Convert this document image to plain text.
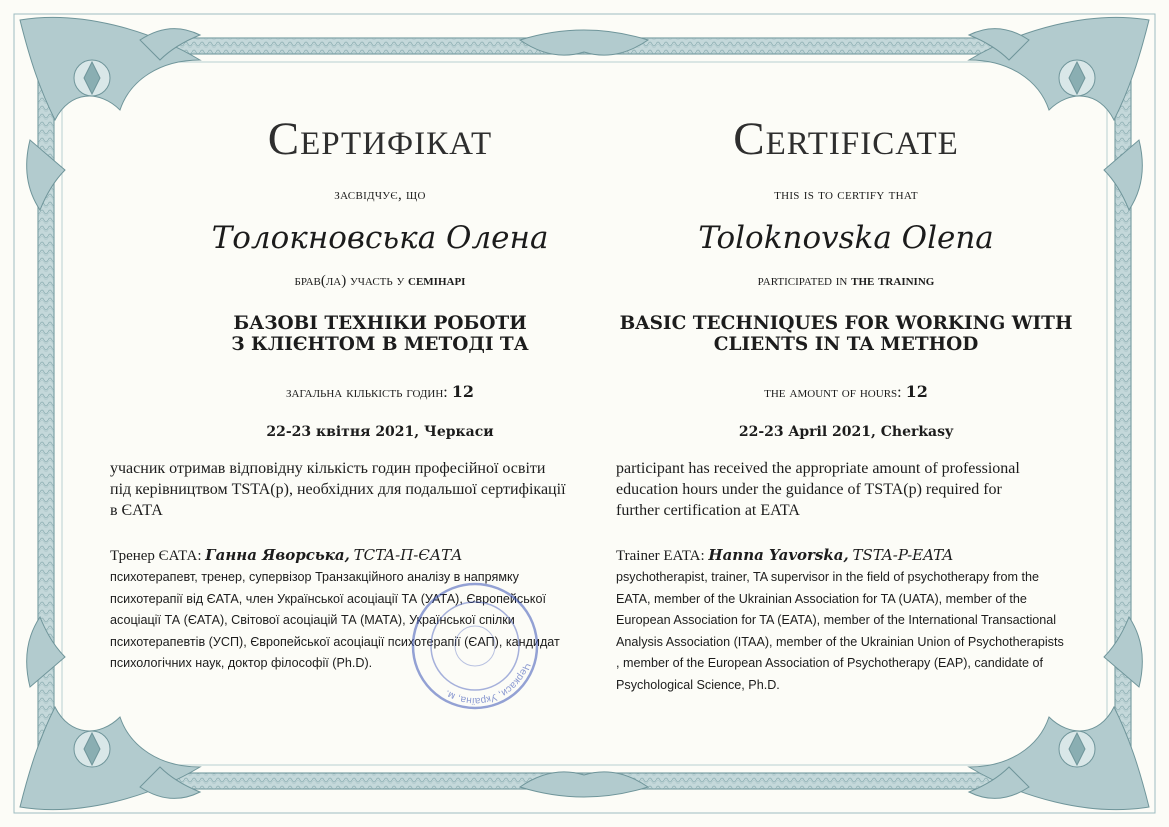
Сертифікат
засвідчує, що
Толокновська Олена
брав(ла) участь у семінарі
БАЗОВІ ТЕХНІКИ РОБОТИ
З КЛІЄНТОМ В МЕТОДІ ТА
загальна кількість годин: 12
22-23 квітня 2021, Черкаси
учасник отримав відповідну кількість годин професійної освіти під керівництвом TSTA(p), необхідних для подальшої сертифікації в ЄАТА
Тренер ЄАТА: Ганна Яворська, TCTA-П-ЄАТА
психотерапевт, тренер, супервізор Транзакційного аналізу в напрямку психотерапії від ЄАТА, член Української асоціації ТА (УАТА), Європейської асоціації ТА (ЄАТА), Світової асоціацій ТА (МАТА), Української спілки психотерапевтів (УСП), Європейської асоціації психотерапії (ЄАП), кандидат психологічних наук, доктор філософії (Ph.D).
Certificate
this is to certify that
Toloknovska Olena
participated in the training
BASIC TECHNIQUES FOR WORKING WITH
CLIENTS IN TA METHOD
the amount of hours: 12
22-23 April 2021, Cherkasy
participant has received the appropriate amount of professional education hours under the guidance of TSTA(p) required for further certification at EATA
Trainer EATA: Hanna Yavorska, TSTA-P-EATA
psychotherapist, trainer, TA supervisor in the field of psychotherapy from the EATA, member of the Ukrainian Association for TA (UATA), member of the European Association for TA (EATA), member of the International Transactional Analysis Association (ITAA), member of the Ukrainian Union of Psychotherapists , member of the European Association of Psychotherapy (EAP), candidate of Psychological Science, Ph.D.
Черкаси, Україна, м.
